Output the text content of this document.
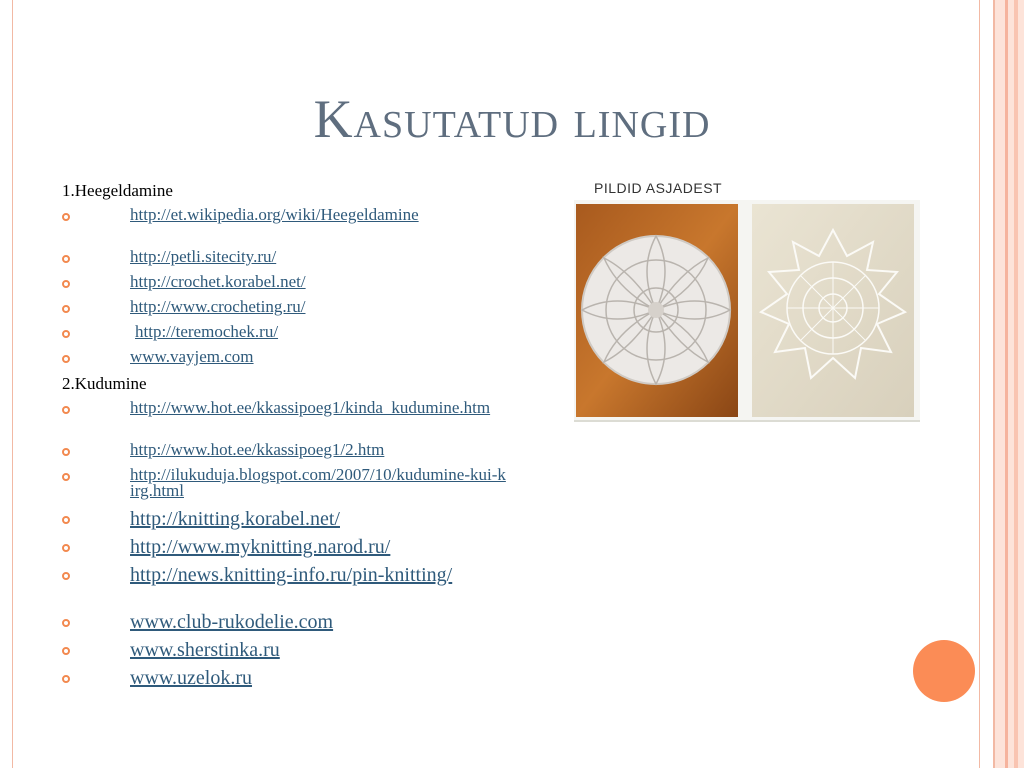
Kasutatud lingid
1.Heegeldamine
http://et.wikipedia.org/wiki/Heegeldamine
http://petli.sitecity.ru/
http://crochet.korabel.net/
http://www.crocheting.ru/
http://teremochek.ru/
www.vayjem.com
2.Kudumine
http://www.hot.ee/kkassipoeg1/kinda_kudumine.htm
http://www.hot.ee/kkassipoeg1/2.htm
http://ilukuduja.blogspot.com/2007/10/kudumine-kui-kirg.html
http://knitting.korabel.net/
http://www.myknitting.narod.ru/
http://news.knitting-info.ru/pin-knitting/
www.club-rukodelie.com
www.sherstinka.ru
www.uzelok.ru
PILDID ASJADEST
